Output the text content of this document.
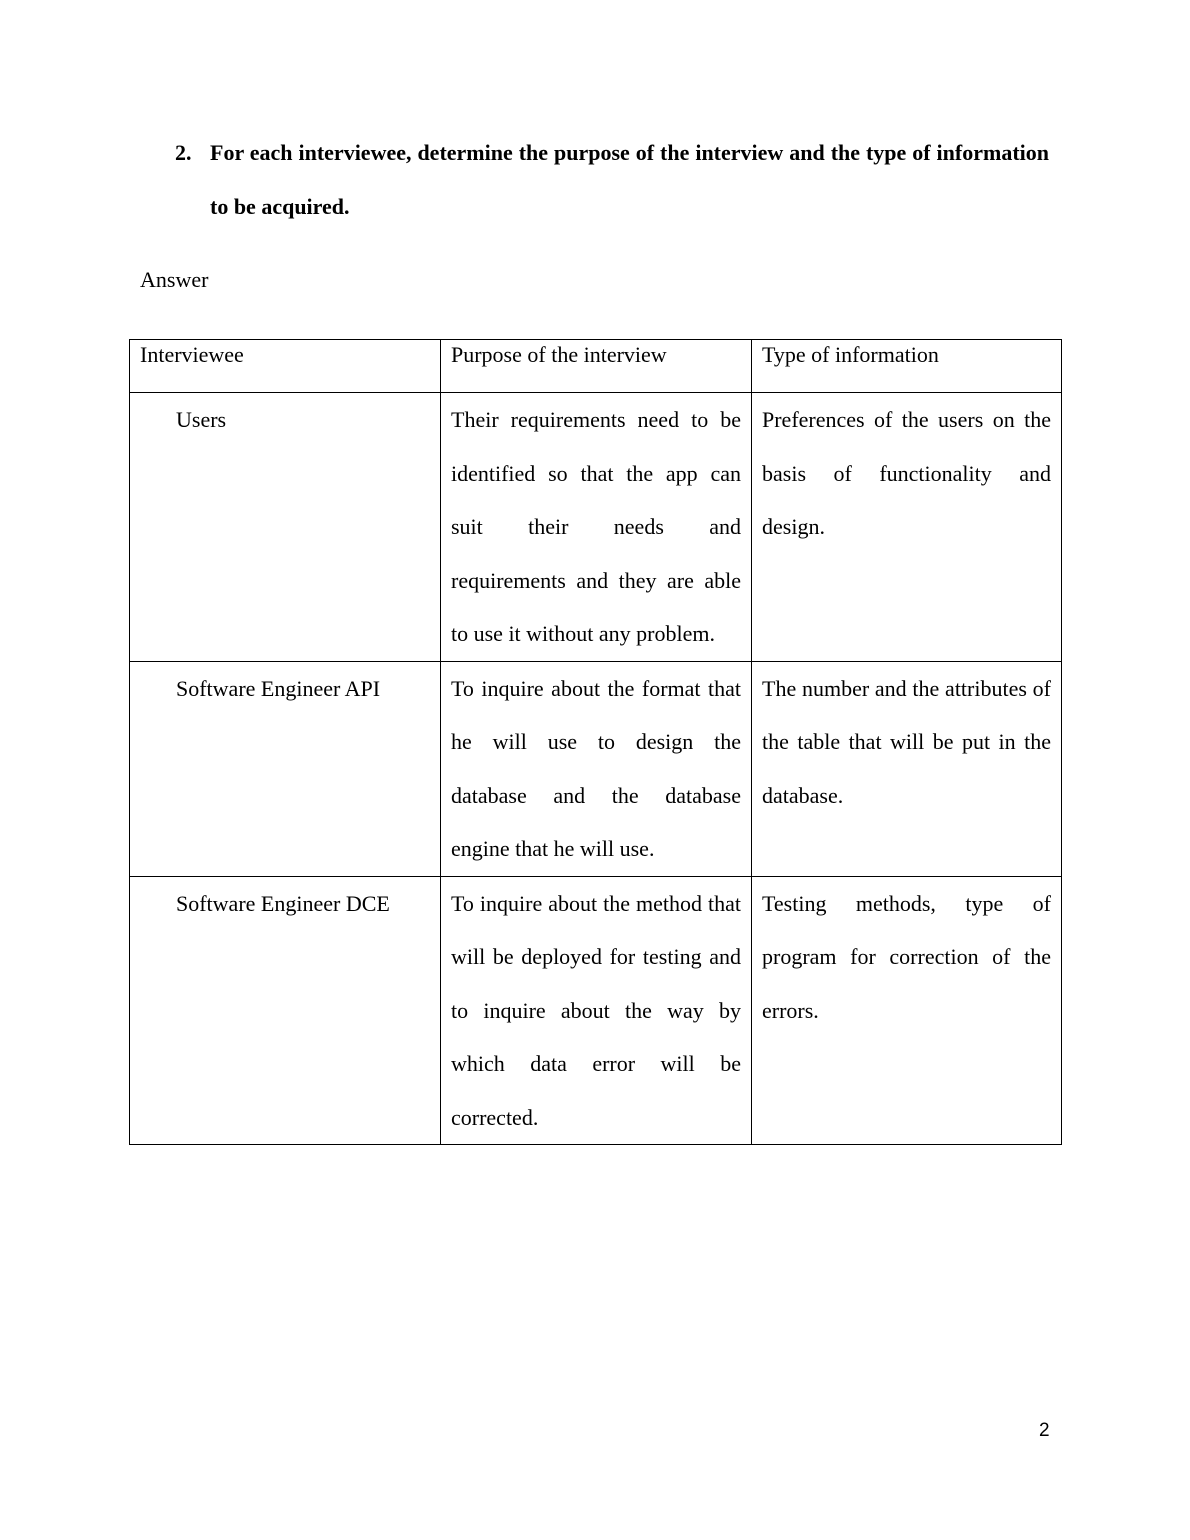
2. For each interviewee, determine the purpose of the interview and the type of information to be acquired.
Answer
Interviewee	Purpose of the interview	Type of information
Users	Their requirements need to be identified so that the app can suit their needs and requirements and they are able to use it without any problem.	Preferences of the users on the basis of functionality and design.
Software Engineer API	To inquire about the format that he will use to design the database and the database engine that he will use.	The number and the attributes of the table that will be put in the database.
Software Engineer DCE	To inquire about the method that will be deployed for testing and to inquire about the way by which data error will be corrected.	Testing methods, type of program for correction of the errors.
2
